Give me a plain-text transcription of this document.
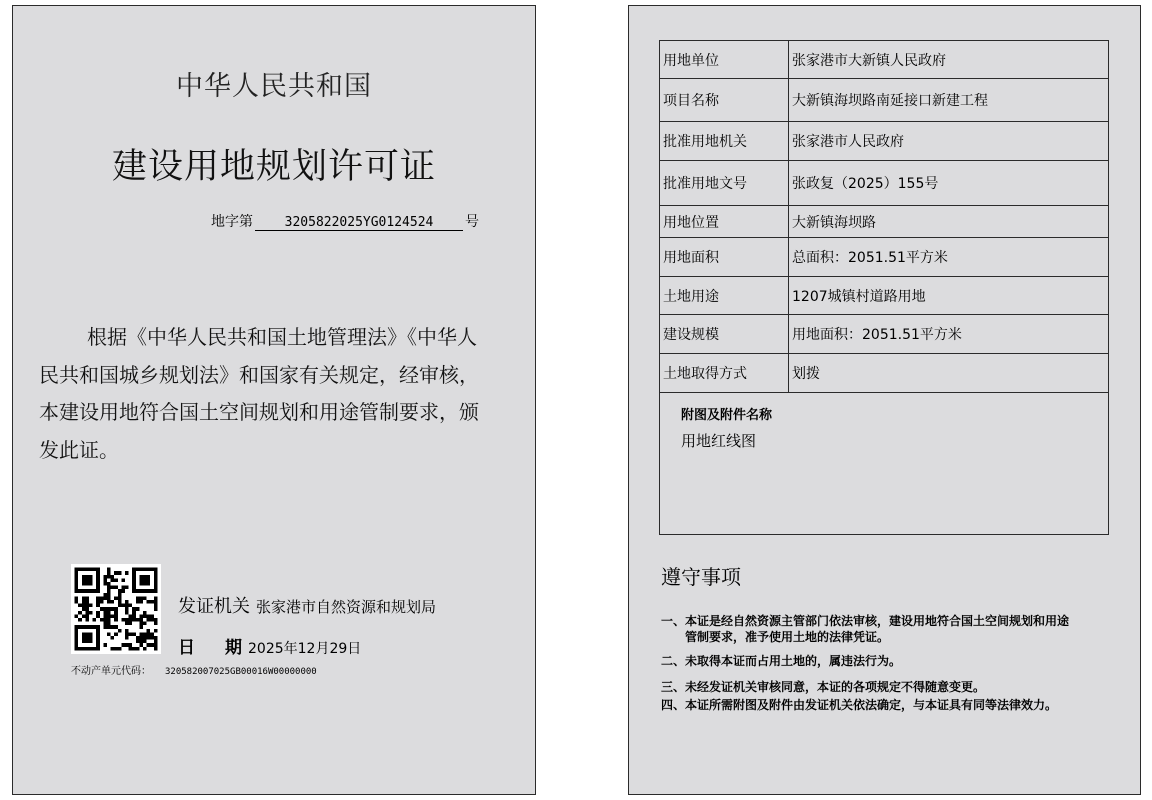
中华人民共和国
建设用地规划许可证
地字第 3205822025YG0124524 号
根据《中华人民共和国土地管理法》《中华人民共和国城乡规划法》和国家有关规定，经审核，本建设用地符合国土空间规划和用途管制要求，颁发此证。
发证机关 张家港市自然资源和规划局
日期2025年12月29日
不动产单元代码： 320582007025GB00016W00000000
用地单位	张家港市大新镇人民政府
项目名称	大新镇海坝路南延接口新建工程
批准用地机关	张家港市人民政府
批准用地文号	张政复（2025）155号
用地位置	大新镇海坝路
用地面积	总面积：2051.51平方米
土地用途	1207城镇村道路用地
建设规模	用地面积：2051.51平方米
土地取得方式	划拨
附图及附件名称
用地红线图
遵守事项
一、 本证是经自然资源主管部门依法审核，建设用地符合国土空间规划和用途管制要求，准予使用土地的法律凭证。
二、 未取得本证而占用土地的，属违法行为。
三、 未经发证机关审核同意，本证的各项规定不得随意变更。
四、 本证所需附图及附件由发证机关依法确定，与本证具有同等法律效力。
